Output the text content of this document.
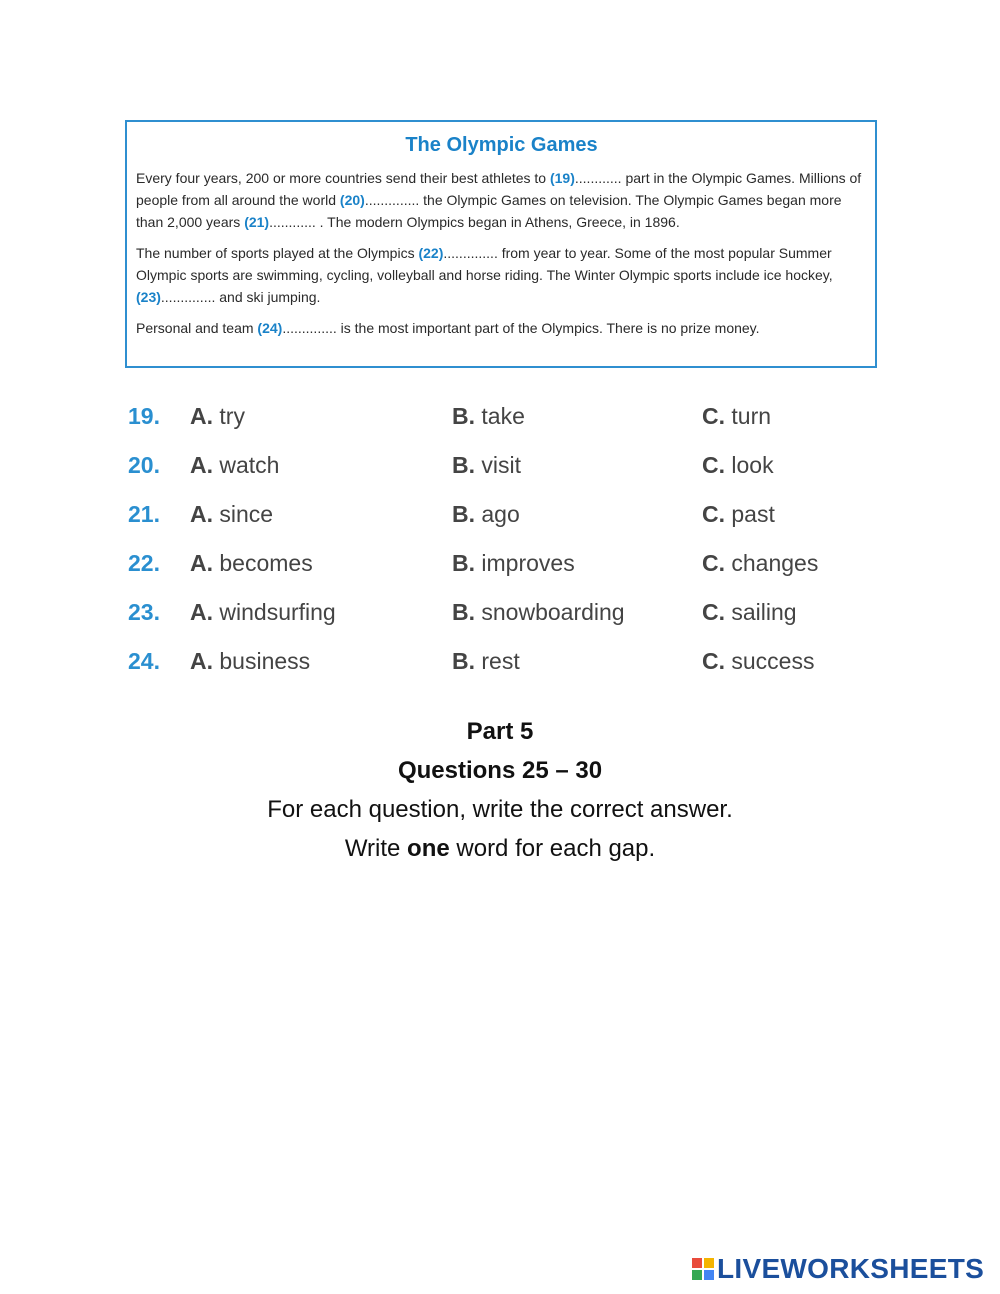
The Olympic Games

Every four years, 200 or more countries send their best athletes to (19)............ part in the Olympic Games. Millions of people from all around the world (20).............. the Olympic Games on television. The Olympic Games began more than 2,000 years (21)............ . The modern Olympics began in Athens, Greece, in 1896.

The number of sports played at the Olympics (22).............. from year to year. Some of the most popular Summer Olympic sports are swimming, cycling, volleyball and horse riding. The Winter Olympic sports include ice hockey, (23).............. and ski jumping.

Personal and team (24).............. is the most important part of the Olympics. There is no prize money.

19. A. try	B. take	C. turn
20. A. watch	B. visit	C. look
21. A. since	B. ago	C. past
22. A. becomes	B. improves	C. changes
23. A. windsurfing	B. snowboarding	C. sailing
24. A. business	B. rest	C. success
Part 5
Questions 25 – 30
For each question, write the correct answer.
Write one word for each gap.
LIVEWORKSHEETS
